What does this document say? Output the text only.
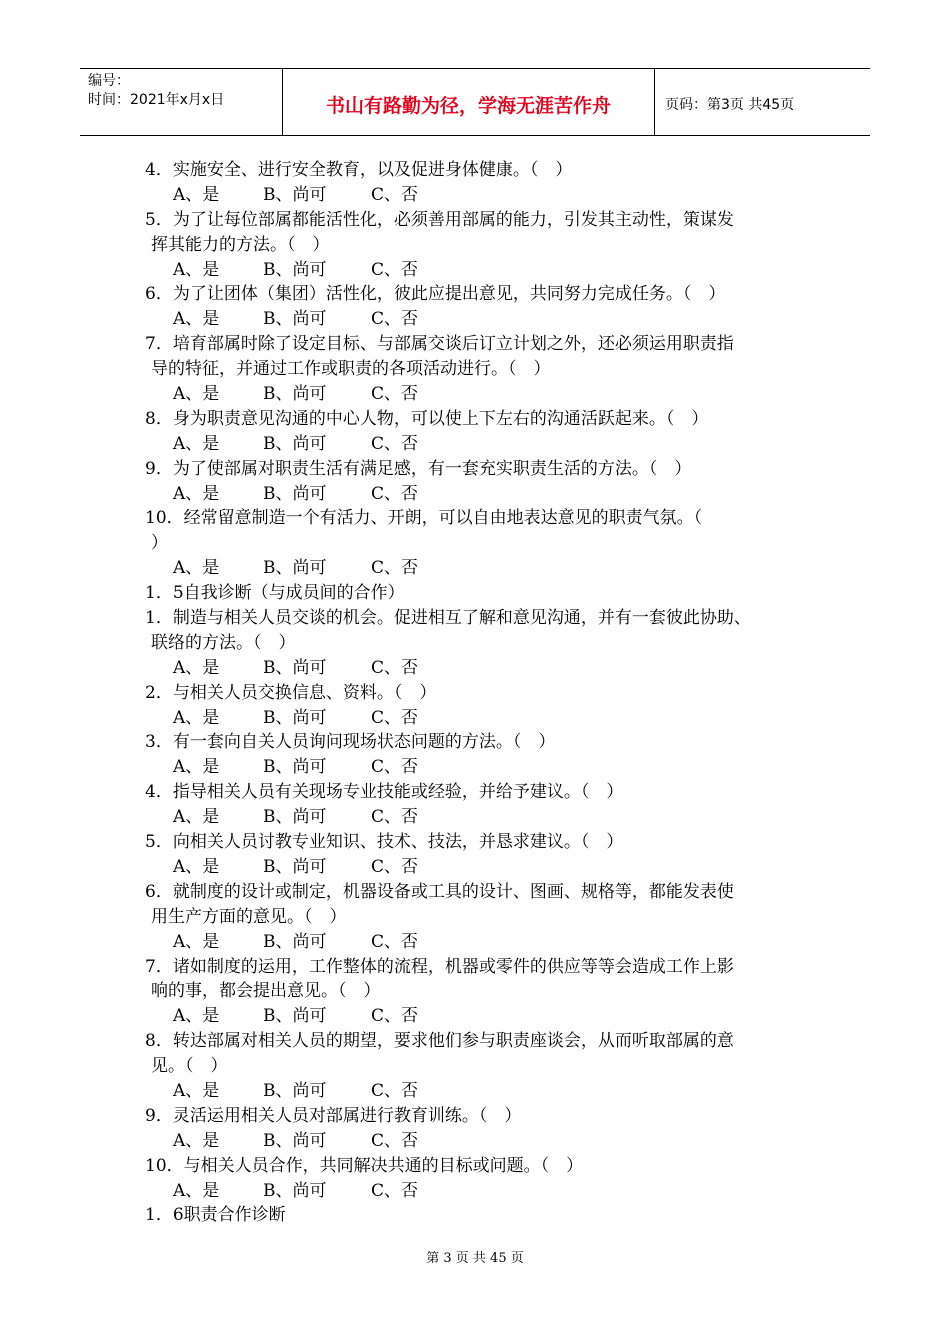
编号：
时间：2021年x月x日	书山有路勤为径，学海无涯苦作舟	页码：第3页 共45页
4．实施安全、进行安全教育，以及促进身体健康。（　）
A、是	B、尚可	C、否
5．为了让每位部属都能活性化，必须善用部属的能力，引发其主动性，策谋发
挥其能力的方法。（　）
A、是	B、尚可	C、否
6．为了让团体（集团）活性化，彼此应提出意见，共同努力完成任务。（　）
A、是	B、尚可	C、否
7．培育部属时除了设定目标、与部属交谈后订立计划之外，还必须运用职责指
导的特征，并通过工作或职责的各项活动进行。（　）
A、是	B、尚可	C、否
8．身为职责意见沟通的中心人物，可以使上下左右的沟通活跃起来。（　）
A、是	B、尚可	C、否
9．为了使部属对职责生活有满足感，有一套充实职责生活的方法。（　）
A、是	B、尚可	C、否
10．经常留意制造一个有活力、开朗，可以自由地表达意见的职责气氛。（
）
A、是	B、尚可	C、否
1．5自我诊断（与成员间的合作）
1．制造与相关人员交谈的机会。促进相互了解和意见沟通，并有一套彼此协助、
联络的方法。（　）
A、是	B、尚可	C、否
2．与相关人员交换信息、资料。（　）
A、是	B、尚可	C、否
3．有一套向自关人员询问现场状态问题的方法。（　）
A、是	B、尚可	C、否
4．指导相关人员有关现场专业技能或经验，并给予建议。（　）
A、是	B、尚可	C、否
5．向相关人员讨教专业知识、技术、技法，并恳求建议。（　）
A、是	B、尚可	C、否
6．就制度的设计或制定，机器设备或工具的设计、图画、规格等，都能发表使
用生产方面的意见。（　）
A、是	B、尚可	C、否
7．诸如制度的运用，工作整体的流程，机器或零件的供应等等会造成工作上影
响的事，都会提出意见。（　）
A、是	B、尚可	C、否
8．转达部属对相关人员的期望，要求他们参与职责座谈会，从而听取部属的意
见。（　）
A、是	B、尚可	C、否
9．灵活运用相关人员对部属进行教育训练。（　）
A、是	B、尚可	C、否
10．与相关人员合作，共同解决共通的目标或问题。（　）
A、是	B、尚可	C、否
1．6职责合作诊断
第 3 页 共 45 页
